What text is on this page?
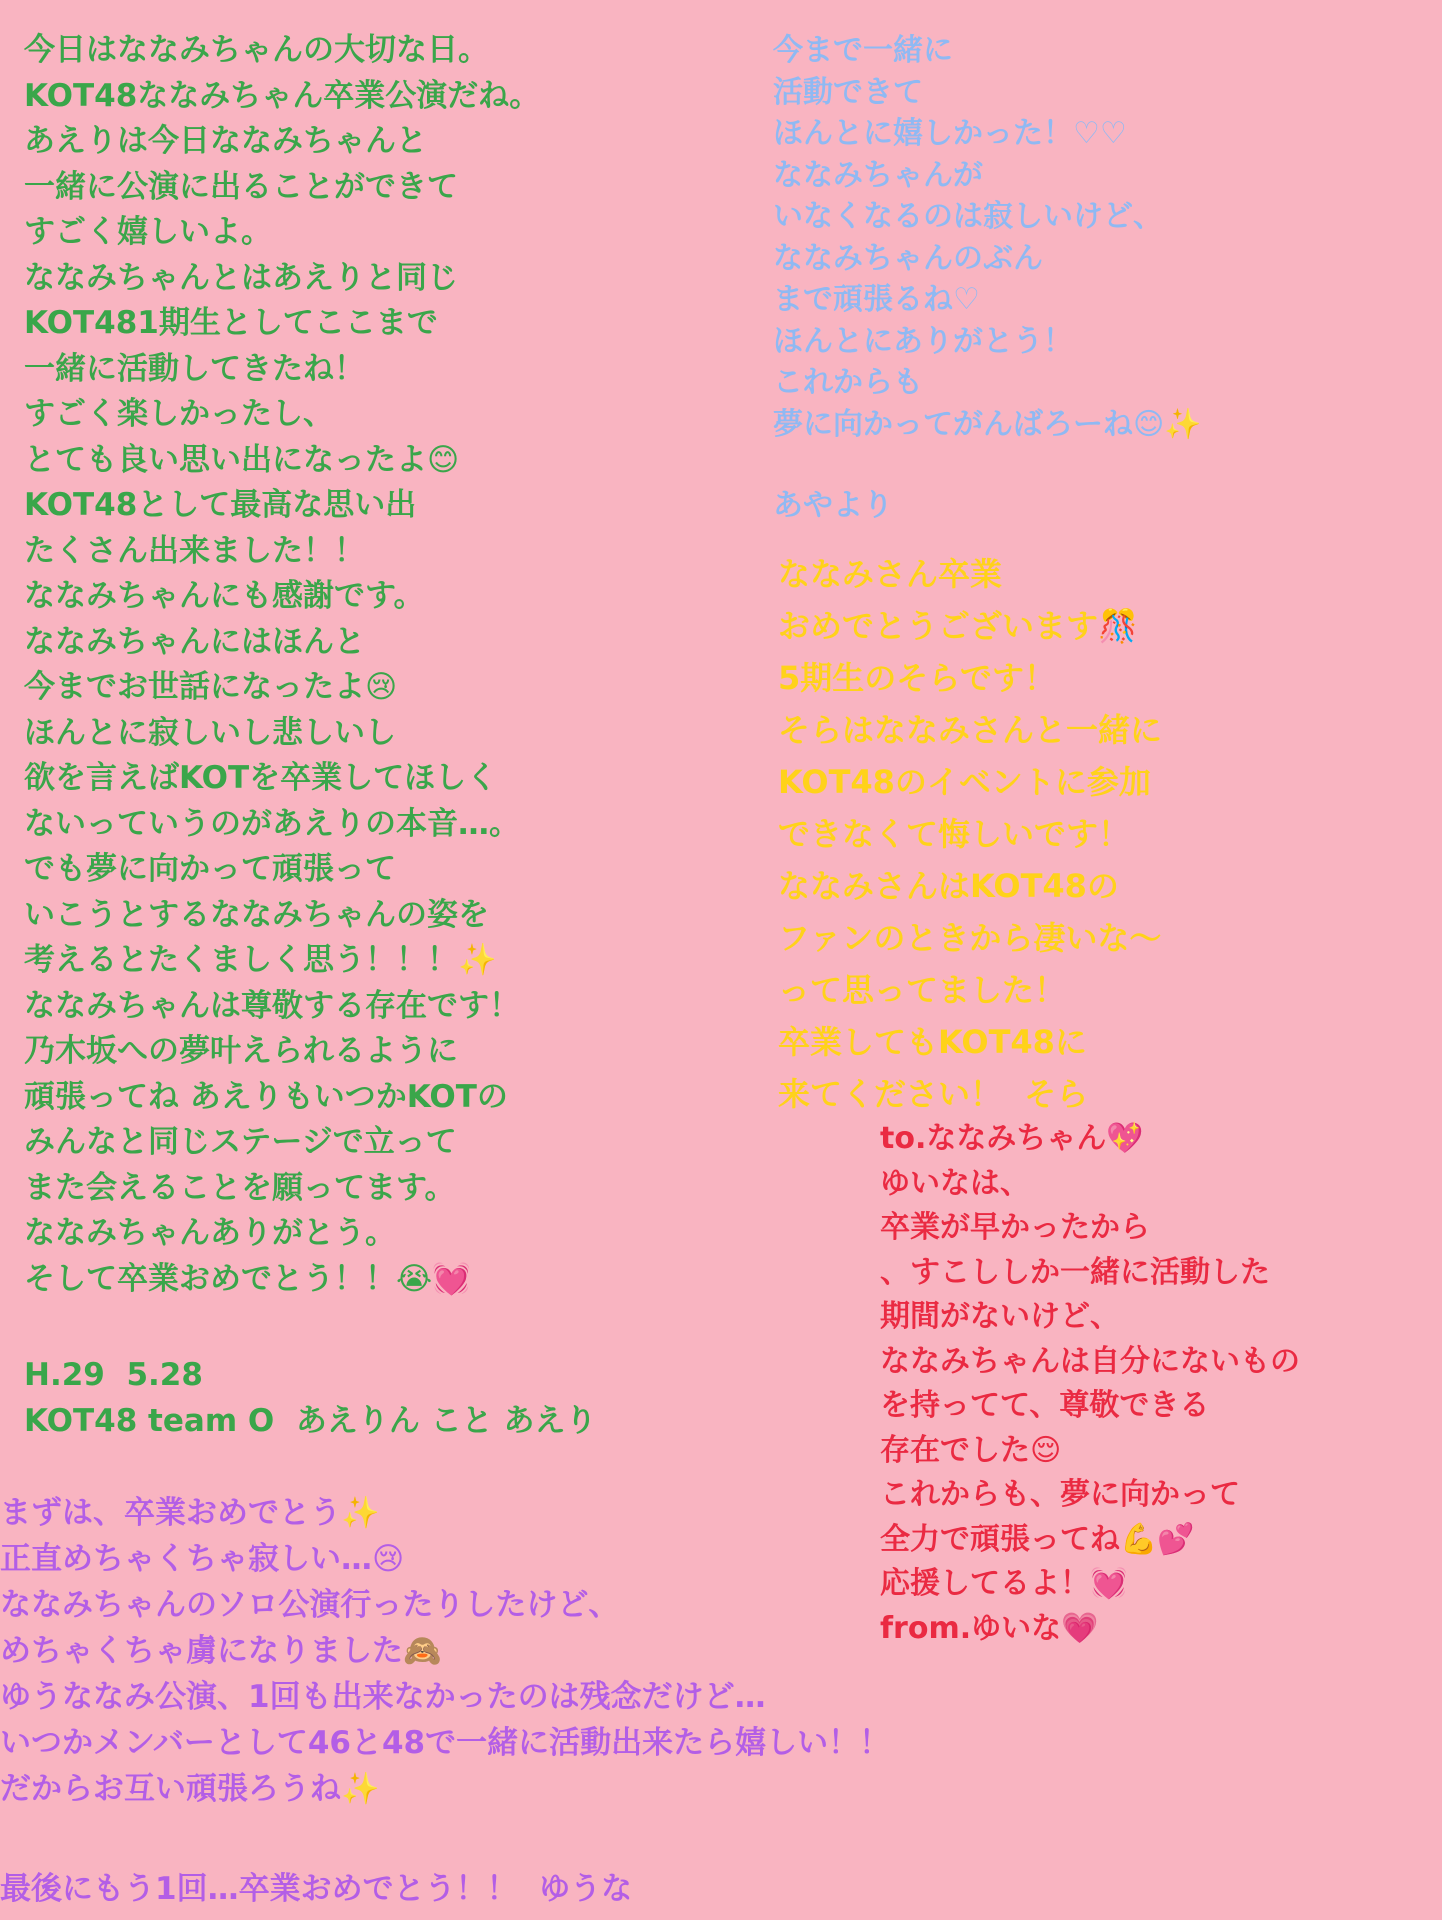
今日はななみちゃんの大切な日。
KOT48ななみちゃん卒業公演だね。
あえりは今日ななみちゃんと
一緒に公演に出ることができて
すごく嬉しいよ。
ななみちゃんとはあえりと同じ
KOT481期生としてここまで
一緒に活動してきたね！
すごく楽しかったし、
とても良い思い出になったよ😊
KOT48として最高な思い出
たくさん出来ました！！
ななみちゃんにも感謝です。
ななみちゃんにはほんと
今までお世話になったよ😢
ほんとに寂しいし悲しいし
欲を言えばKOTを卒業してほしく
ないっていうのがあえりの本音…。
でも夢に向かって頑張って
いこうとするななみちゃんの姿を
考えるとたくましく思う！！！✨
ななみちゃんは尊敬する存在です！
乃木坂への夢叶えられるように
頑張ってね あえりもいつかKOTの
みんなと同じステージで立って
また会えることを願ってます。
ななみちゃんありがとう。
そして卒業おめでとう！！😭💓
H.29  5.28
KOT48 team O  あえりん こと あえり
今まで一緒に
活動できて
ほんとに嬉しかった！♡♡
ななみちゃんが
いなくなるのは寂しいけど、
ななみちゃんのぶん
まで頑張るね♡
ほんとにありがとう！
これからも
夢に向かってがんばろーね😊✨
あやより
ななみさん卒業
おめでとうございます🎊
5期生のそらです！
そらはななみさんと一緒に
KOT48のイベントに参加
できなくて悔しいです！
ななみさんはKOT48の
ファンのときから凄いな〜
って思ってました！
卒業してもKOT48に
来てください！  そら
to.ななみちゃん💖
ゆいなは、
卒業が早かったから
、すこししか一緒に活動した
期間がないけど、
ななみちゃんは自分にないもの
を持ってて、尊敬できる
存在でした😌
これからも、夢に向かって
全力で頑張ってね💪💕
応援してるよ！💓
from.ゆいな💗
まずは、卒業おめでとう✨
正直めちゃくちゃ寂しい…😢
ななみちゃんのソロ公演行ったりしたけど、
めちゃくちゃ虜になりました🙈
ゆうななみ公演、1回も出来なかったのは残念だけど…
いつかメンバーとして46と48で一緒に活動出来たら嬉しい！！
だからお互い頑張ろうね✨
最後にもう1回…卒業おめでとう！！  ゆうな
